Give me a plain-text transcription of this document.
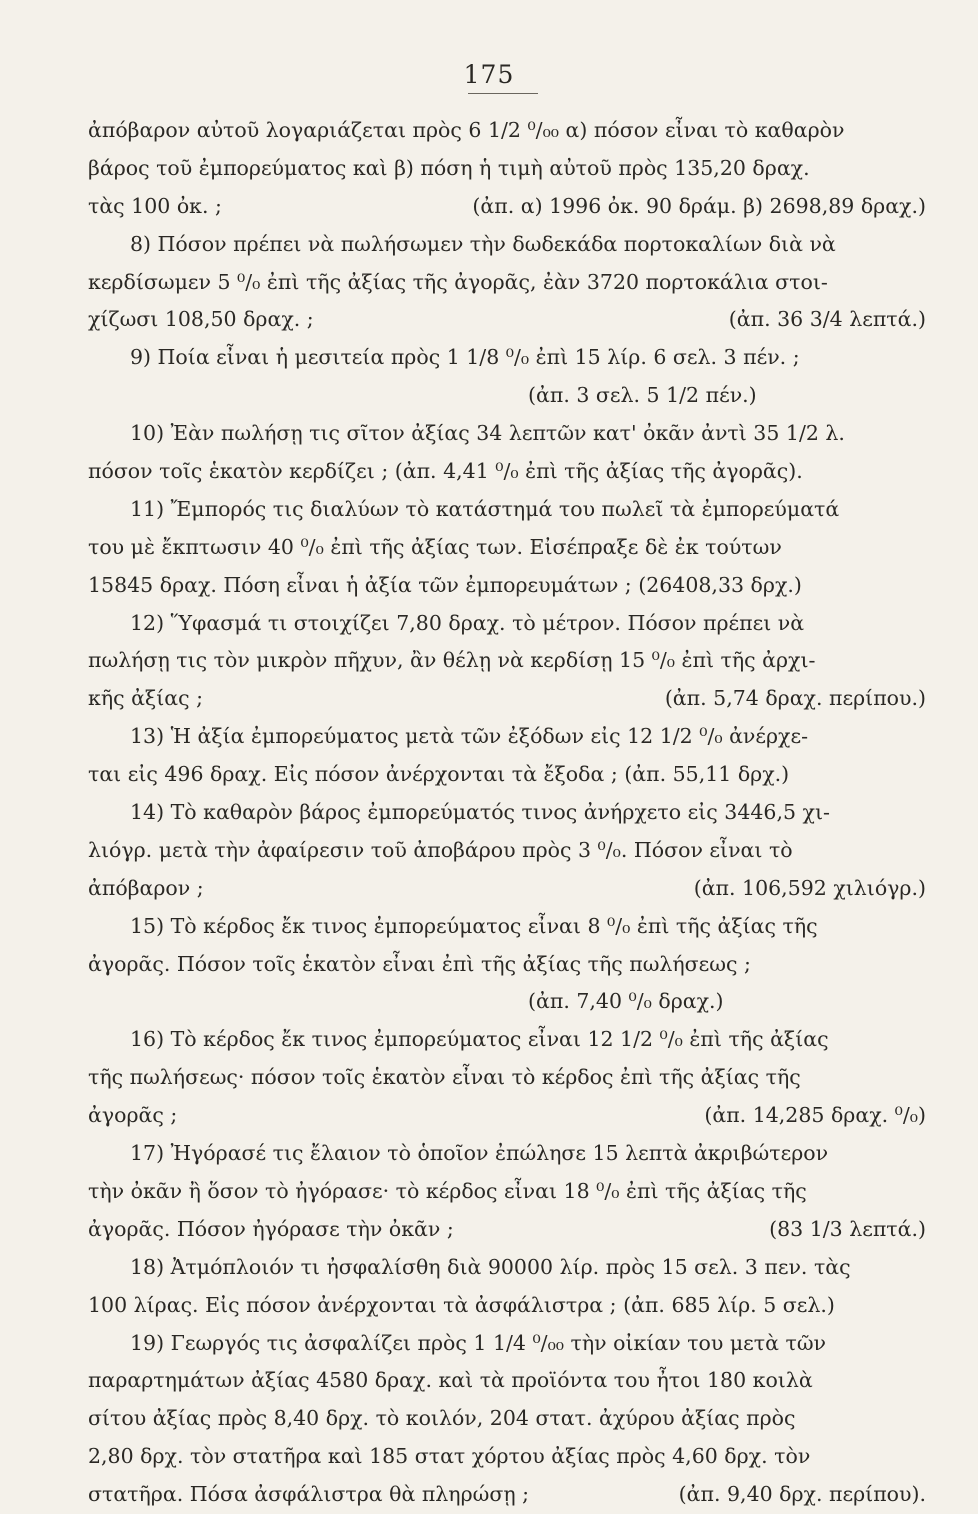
175
ἀπόβαρον αὐτοῦ λογαριάζεται πρὸς 6 1/2 ⁰/₀₀ α) πόσον εἶναι τὸ καθαρὸν
βάρος τοῦ ἐμπορεύματος καὶ β) πόση ἡ τιμὴ αὐτοῦ πρὸς 135,20 δραχ.
τὰς 100 ὀκ. ;	(ἀπ. α) 1996 ὀκ. 90 δράμ. β) 2698,89 δραχ.)
8) Πόσον πρέπει νὰ πωλήσωμεν τὴν δωδεκάδα πορτοκαλίων διὰ νὰ
κερδίσωμεν 5 ⁰/₀ ἐπὶ τῆς ἀξίας τῆς ἀγορᾶς, ἐὰν 3720 πορτοκάλια στοι-
χίζωσι 108,50 δραχ. ;	(ἀπ. 36 3/4 λεπτά.)
9) Ποία εἶναι ἡ μεσιτεία πρὸς 1 1/8 ⁰/₀ ἐπὶ 15 λίρ. 6 σελ. 3 πέν. ;
(ἀπ. 3 σελ. 5 1/2 πέν.)
10) Ἐὰν πωλήσῃ τις σῖτον ἀξίας 34 λεπτῶν κατ' ὀκᾶν ἀντὶ 35 1/2 λ.
πόσον τοῖς ἑκατὸν κερδίζει ; (ἀπ. 4,41 ⁰/₀ ἐπὶ τῆς ἀξίας τῆς ἀγορᾶς).
11) Ἔμπορός τις διαλύων τὸ κατάστημά του πωλεῖ τὰ ἐμπορεύματά
του μὲ ἔκπτωσιν 40 ⁰/₀ ἐπὶ τῆς ἀξίας των. Εἰσέπραξε δὲ ἐκ τούτων
15845 δραχ. Πόση εἶναι ἡ ἀξία τῶν ἐμπορευμάτων ; (26408,33 δρχ.)
12) Ὕφασμά τι στοιχίζει 7,80 δραχ. τὸ μέτρον. Πόσον πρέπει νὰ
πωλήσῃ τις τὸν μικρὸν πῆχυν, ἂν θέλῃ νὰ κερδίσῃ 15 ⁰/₀ ἐπὶ τῆς ἀρχι-
κῆς ἀξίας ;	(ἀπ. 5,74 δραχ. περίπου.)
13) Ἡ ἀξία ἐμπορεύματος μετὰ τῶν ἐξόδων εἰς 12 1/2 ⁰/₀ ἀνέρχε-
ται εἰς 496 δραχ. Εἰς πόσον ἀνέρχονται τὰ ἔξοδα ; (ἀπ. 55,11 δρχ.)
14) Τὸ καθαρὸν βάρος ἐμπορεύματός τινος ἀνήρχετο εἰς 3446,5 χι-
λιόγρ. μετὰ τὴν ἀφαίρεσιν τοῦ ἀποβάρου πρὸς 3 ⁰/₀. Πόσον εἶναι τὸ
ἀπόβαρον ;	(ἀπ. 106,592 χιλιόγρ.)
15) Τὸ κέρδος ἔκ τινος ἐμπορεύματος εἶναι 8 ⁰/₀ ἐπὶ τῆς ἀξίας τῆς
ἀγορᾶς. Πόσον τοῖς ἑκατὸν εἶναι ἐπὶ τῆς ἀξίας τῆς πωλήσεως ;
(ἀπ. 7,40 ⁰/₀ δραχ.)
16) Τὸ κέρδος ἔκ τινος ἐμπορεύματος εἶναι 12 1/2 ⁰/₀ ἐπὶ τῆς ἀξίας
τῆς πωλήσεως· πόσον τοῖς ἑκατὸν εἶναι τὸ κέρδος ἐπὶ τῆς ἀξίας τῆς
ἀγορᾶς ;	(ἀπ. 14,285 δραχ. ⁰/₀)
17) Ἠγόρασέ τις ἔλαιον τὸ ὁποῖον ἐπώλησε 15 λεπτὰ ἀκριβώτερον
τὴν ὀκᾶν ἢ ὅσον τὸ ἠγόρασε· τὸ κέρδος εἶναι 18 ⁰/₀ ἐπὶ τῆς ἀξίας τῆς
ἀγορᾶς. Πόσον ἠγόρασε τὴν ὀκᾶν ;	(83 1/3 λεπτά.)
18) Ἀτμόπλοιόν τι ἠσφαλίσθη διὰ 90000 λίρ. πρὸς 15 σελ. 3 πεν. τὰς
100 λίρας. Εἰς πόσον ἀνέρχονται τὰ ἀσφάλιστρα ; (ἀπ. 685 λίρ. 5 σελ.)
19) Γεωργός τις ἀσφαλίζει πρὸς 1 1/4 ⁰/₀₀ τὴν οἰκίαν του μετὰ τῶν
παραρτημάτων ἀξίας 4580 δραχ. καὶ τὰ προϊόντα του ἦτοι 180 κοιλὰ
σίτου ἀξίας πρὸς 8,40 δρχ. τὸ κοιλόν, 204 στατ. ἀχύρου ἀξίας πρὸς
2,80 δρχ. τὸν στατῆρα καὶ 185 στατ χόρτου ἀξίας πρὸς 4,60 δρχ. τὸν
στατῆρα. Πόσα ἀσφάλιστρα θὰ πληρώσῃ ;	(ἀπ. 9,40 δρχ. περίπου).
